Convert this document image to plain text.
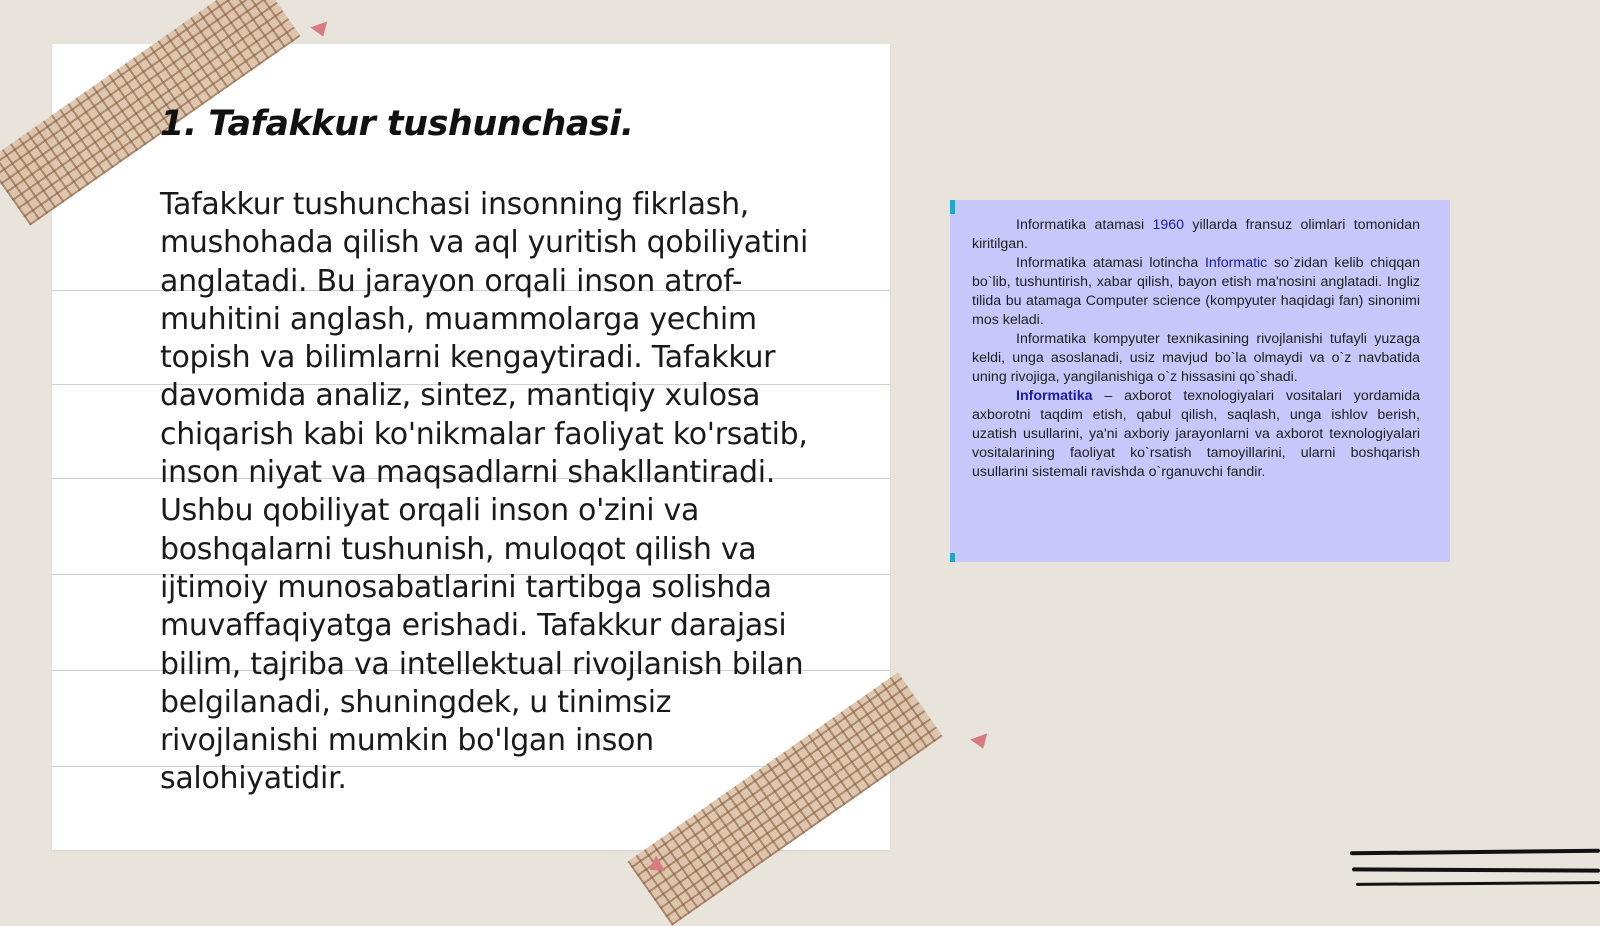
1. Tafakkur tushunchasi.

Tafakkur tushunchasi insonning fikrlash, mushohada qilish va aql yuritish qobiliyatini anglatadi. Bu jarayon orqali inson atrof-muhitini anglash, muammolarga yechim topish va bilimlarni kengaytiradi. Tafakkur davomida analiz, sintez, mantiqiy xulosa chiqarish kabi ko'nikmalar faoliyat ko'rsatib, inson niyat va maqsadlarni shakllantiradi. Ushbu qobiliyat orqali inson o'zini va boshqalarni tushunish, muloqot qilish va ijtimoiy munosabatlarini tartibga solishda muvaffaqiyatga erishadi. Tafakkur darajasi bilim, tajriba va intellektual rivojlanish bilan belgilanadi, shuningdek, u tinimsiz rivojlanishi mumkin bo'lgan inson salohiyatidir.

Informatika atamasi 1960 yillarda fransuz olimlari tomonidan kiritilgan.

Informatika atamasi lotincha Informatic so`zidan kelib chiqqan bo`lib, tushuntirish, xabar qilish, bayon etish ma'nosini anglatadi. Ingliz tilida bu atamaga Computer science (kompyuter haqidagi fan) sinonimi mos keladi.

Informatika kompyuter texnikasining rivojlanishi tufayli yuzaga keldi, unga asoslanadi, usiz mavjud bo`la olmaydi va o`z navbatida uning rivojiga, yangilanishiga o`z hissasini qo`shadi.

Informatika – axborot texnologiyalari vositalari yordamida axborotni taqdim etish, qabul qilish, saqlash, unga ishlov berish, uzatish usullarini, ya'ni axboriy jarayonlarni va axborot texnologiyalari vositalarining faoliyat ko`rsatish tamoyillarini, ularni boshqarish usullarini sistemali ravishda o`rganuvchi fandir.
